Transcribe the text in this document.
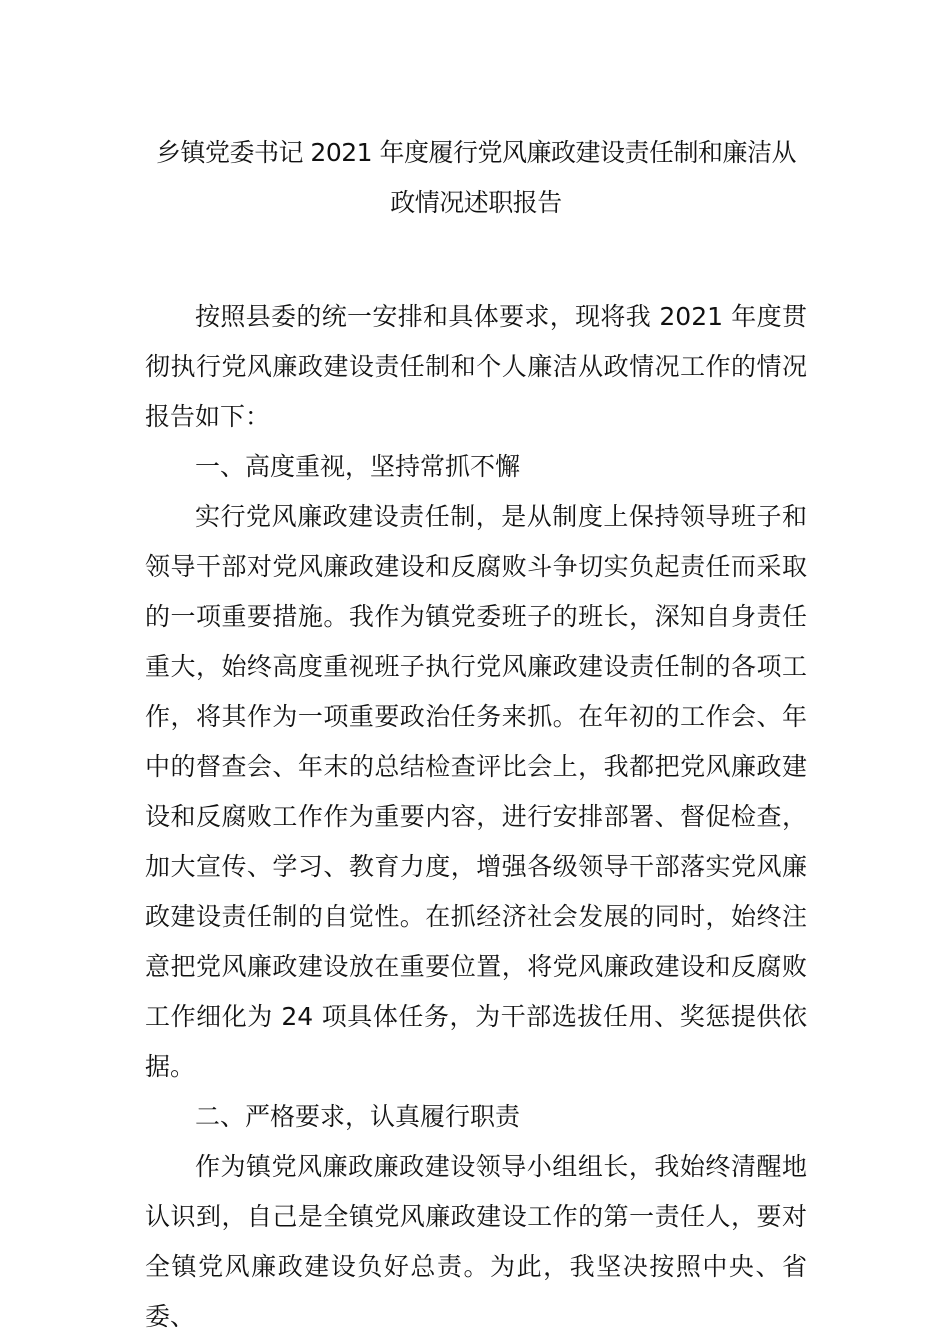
乡镇党委书记 2021 年度履行党风廉政建设责任制和廉洁从
政情况述职报告

按照县委的统一安排和具体要求，现将我 2021 年度贯彻执行党风廉政建设责任制和个人廉洁从政情况工作的情况报告如下：

一、高度重视，坚持常抓不懈

实行党风廉政建设责任制，是从制度上保持领导班子和领导干部对党风廉政建设和反腐败斗争切实负起责任而采取的一项重要措施。我作为镇党委班子的班长，深知自身责任重大，始终高度重视班子执行党风廉政建设责任制的各项工作，将其作为一项重要政治任务来抓。在年初的工作会、年中的督查会、年末的总结检查评比会上，我都把党风廉政建设和反腐败工作作为重要内容，进行安排部署、督促检查，加大宣传、学习、教育力度，增强各级领导干部落实党风廉政建设责任制的自觉性。在抓经济社会发展的同时，始终注意把党风廉政建设放在重要位置，将党风廉政建设和反腐败工作细化为 24 项具体任务，为干部选拔任用、奖惩提供依据。

二、严格要求，认真履行职责

作为镇党风廉政廉政建设领导小组组长，我始终清醒地认识到，自己是全镇党风廉政建设工作的第一责任人，要对全镇党风廉政建设负好总责。为此，我坚决按照中央、省委、
